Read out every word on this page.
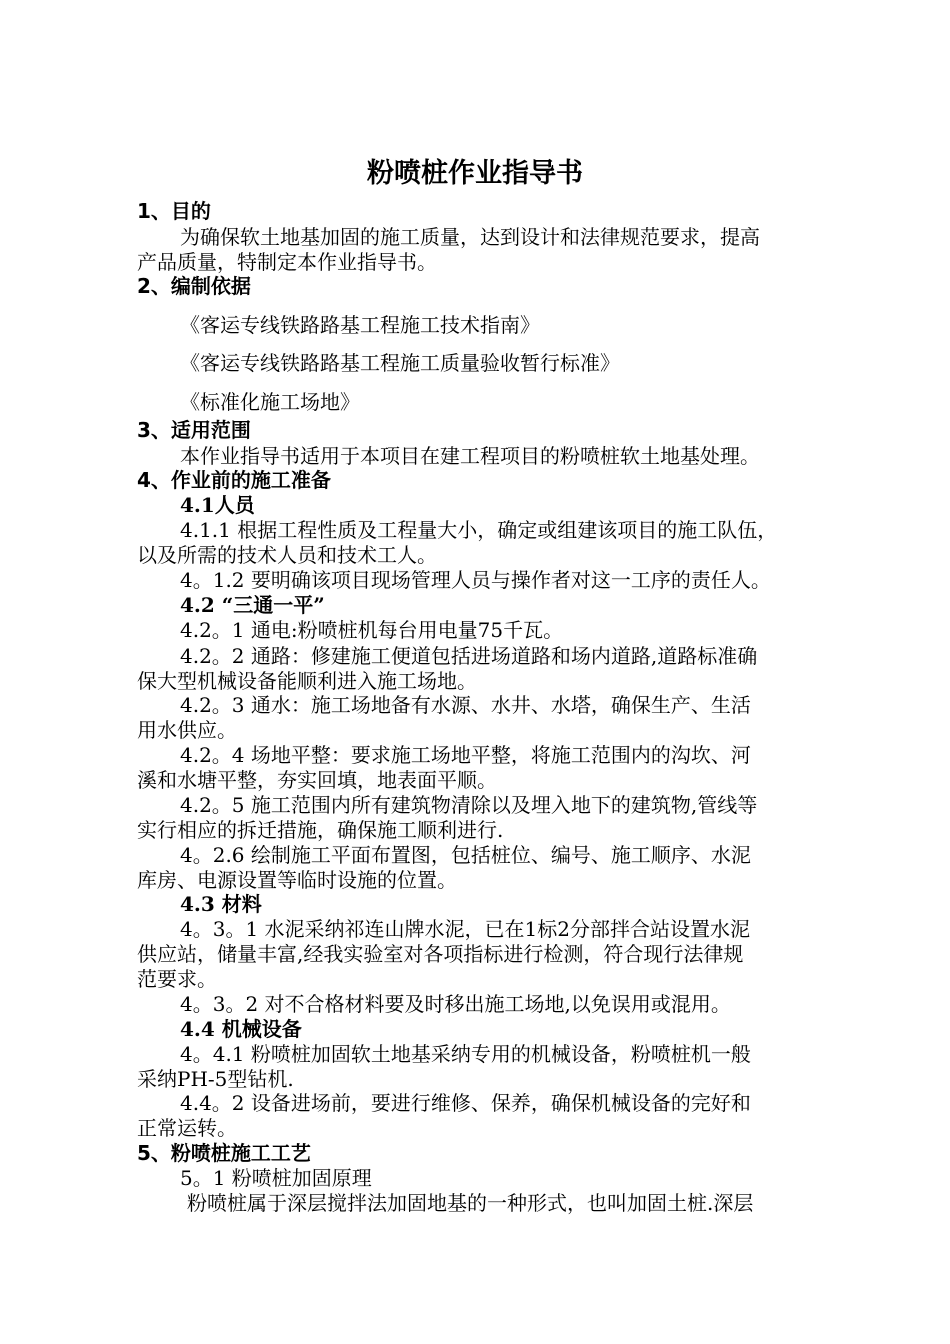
粉喷桩作业指导书
1、目的
为确保软土地基加固的施工质量，达到设计和法律规范要求，提高
产品质量，特制定本作业指导书。
2、编制依据
《客运专线铁路路基工程施工技术指南》
《客运专线铁路路基工程施工质量验收暂行标准》
《标准化施工场地》
3、适用范围
本作业指导书适用于本项目在建工程项目的粉喷桩软土地基处理。
4、作业前的施工准备
4.1人员
4.1.1 根据工程性质及工程量大小，确定或组建该项目的施工队伍，
以及所需的技术人员和技术工人。
4。1.2 要明确该项目现场管理人员与操作者对这一工序的责任人。
4.2 “三通一平”
4.2。1 通电:粉喷桩机每台用电量75千瓦。
4.2。2 通路：修建施工便道包括进场道路和场内道路,道路标准确
保大型机械设备能顺利进入施工场地。
4.2。3 通水：施工场地备有水源、水井、水塔，确保生产、生活
用水供应。
4.2。4 场地平整：要求施工场地平整，将施工范围内的沟坎、河
溪和水塘平整，夯实回填，地表面平顺。
4.2。5 施工范围内所有建筑物清除以及埋入地下的建筑物,管线等
实行相应的拆迁措施，确保施工顺利进行.
4。2.6 绘制施工平面布置图，包括桩位、编号、施工顺序、水泥
库房、电源设置等临时设施的位置。
4.3 材料
4。3。1 水泥采纳祁连山牌水泥，已在1标2分部拌合站设置水泥
供应站，储量丰富,经我实验室对各项指标进行检测，符合现行法律规
范要求。
4。3。2 对不合格材料要及时移出施工场地,以免误用或混用。
4.4 机械设备
4。4.1 粉喷桩加固软土地基采纳专用的机械设备，粉喷桩机一般
采纳PH-5型钻机.
4.4。2 设备进场前，要进行维修、保养，确保机械设备的完好和
正常运转。
5、粉喷桩施工工艺
5。1 粉喷桩加固原理
粉喷桩属于深层搅拌法加固地基的一种形式，也叫加固土桩.深层
